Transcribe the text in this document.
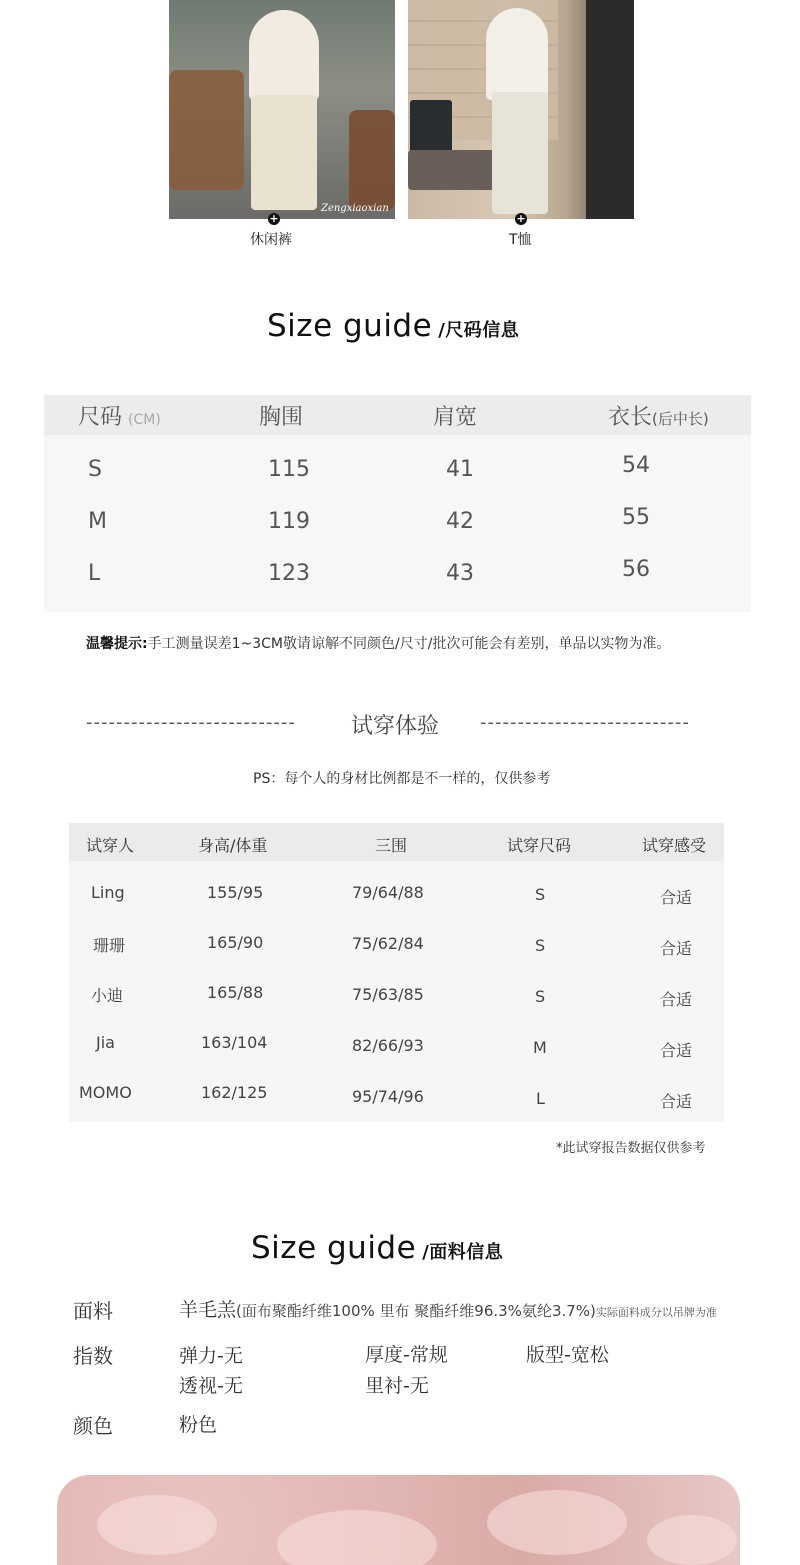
Zengxiaoxian
+	+
休闲裤	T恤
Size guide /尺码信息
尺码 (CM)	胸围	肩宽	衣长(后中长)
S	115	41	54
M	119	42	55
L	123	43	56
温馨提示:手工测量误差1~3CM敬请谅解不同颜色/尺寸/批次可能会有差别，单品以实物为准。
----------------------------	试穿体验 ----------------------------
PS：每个人的身材比例都是不一样的，仅供参考
试穿人	身高/体重	三围	试穿尺码	试穿感受
Ling	155/95	79/64/88	S	合适
珊珊	165/90	75/62/84	S	合适
小迪	165/88	75/63/85	S	合适
Jia	163/104	82/66/93	M	合适
MOMO	162/125	95/74/96	L	合适
*此试穿报告数据仅供参考
Size guide /面料信息
面料	羊毛羔(面布聚酯纤维100% 里布 聚酯纤维96.3%氨纶3.7%)实际面料成分以吊牌为准
指数	弹力-无	厚度-常规	版型-宽松
透视-无	里衬-无
颜色	粉色
